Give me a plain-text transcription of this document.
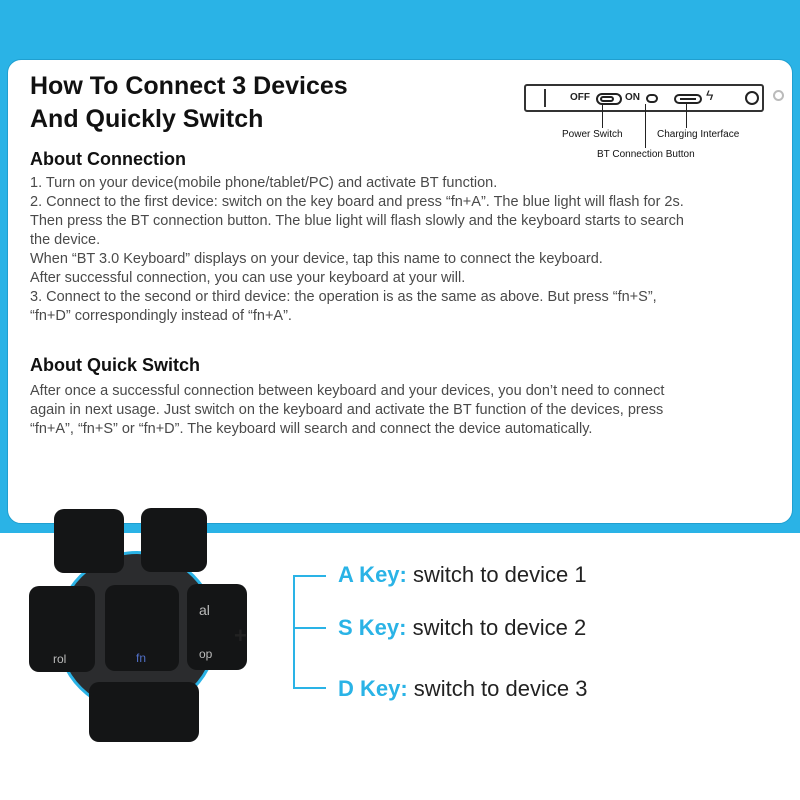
How To Connect 3 Devices
And Quickly Switch
OFF	ON	ϟ
Power Switch	Charging Interface
BT Connection Button
About Connection

1. Turn on your device(mobile phone/tablet/PC) and activate BT function.

2. Connect to the first device: switch on the key board and press “fn+A”. The blue light will flash for 2s.

Then press the BT connection button. The blue light will flash slowly and the keyboard starts to search

the device.

When “BT 3.0 Keyboard” displays on your device, tap this name to connect the keyboard.

After successful connection, you can use your keyboard at your will.

3. Connect to the second or third device: the operation is as the same as above. But press “fn+S”,

“fn+D” correspondingly instead of “fn+A”.

About Quick Switch

After once a successful connection between keyboard and your devices, you don’t need to connect

again in next usage. Just switch on the keyboard and activate the BT function of the devices, press

“fn+A”, “fn+S” or “fn+D”. The keyboard will search and connect the device automatically.

fn
rol
al
op
+
A Key: switch to device 1
S Key: switch to device 2
D Key: switch to device 3
